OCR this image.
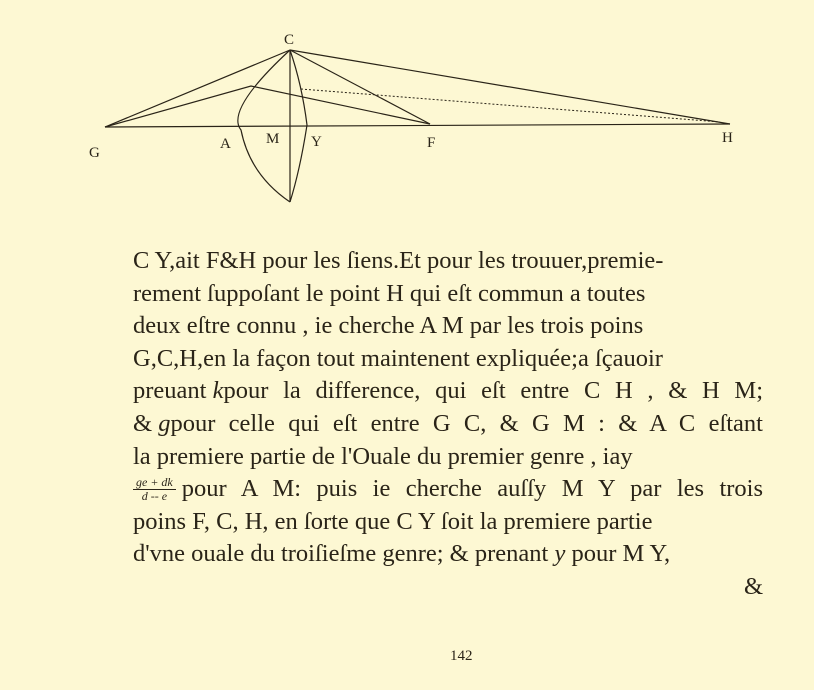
C
G
A M Y	F	H
C Y,ait F&H pour les ſiens.Et pour les trouuer,premie-
rement ſuppoſant le point H qui eſt commun a toutes
deux eſtre connu , ie cherche A M par les trois poins
G,C,H,en la façon tout maintenent expliquée;a ſçauoir
preuant k pour la difference, qui eſt entre C H , & H M;
& g pour celle qui eſt entre G C, & G M : & A C eſtant
la premiere partie de l'Ouale du premier genre , iay
$\frac{ge + dk}{d -- e}$ pour A M: puis ie cherche auſſy M Y par les trois
poins F, C, H, en ſorte que C Y ſoit la premiere partie
d'vne ouale du troiſieſme genre; & prenant y pour M Y,
&
142
